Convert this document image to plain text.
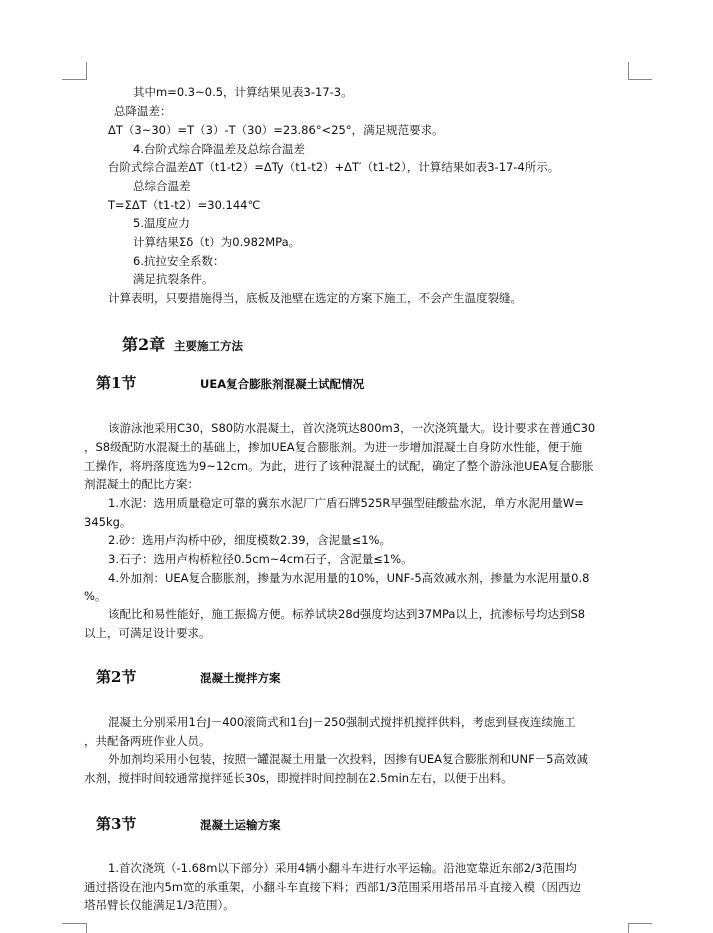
其中m=0.3~0.5，计算结果见表3-17-3。
总降温差：
ΔT（3~30）=T（3）-T（30）=23.86°<25°，满足规范要求。
4.台阶式综合降温差及总综合温差
台阶式综合温差ΔT（t1-t2）=ΔTy（t1-t2）+ΔT′（t1-t2），计算结果如表3-17-4所示。
总综合温差
T=ΣΔT（t1-t2）=30.144℃
5.温度应力
计算结果Σδ（t）为0.982MPa。
6.抗拉安全系数：
满足抗裂条件。
计算表明，只要措施得当，底板及池壁在选定的方案下施工，不会产生温度裂缝。
第2章 主要施工方法
第1节	UEA复合膨胀剂混凝土试配情况
该游泳池采用C30，S80防水混凝土，首次浇筑达800m3，一次浇筑量大。设计要求在普通C30
，S8级配防水混凝土的基础上，掺加UEA复合膨胀剂。为进一步增加混凝土自身防水性能，便于施
工操作，将坍落度选为9~12cm。为此，进行了该种混凝土的试配，确定了整个游泳池UEA复合膨胀
剂混凝土的配比方案：
1.水泥：选用质量稳定可靠的冀东水泥厂广盾石牌525R早强型硅酸盐水泥，单方水泥用量W=
345kg。
2.砂：选用卢沟桥中砂，细度模数2.39，含泥量≤1%。
3.石子：选用卢构桥粒径0.5cm~4cm石子，含泥量≤1%。
4.外加剂：UEA复合膨胀剂，掺量为水泥用量的10%，UNF-5高效减水剂，掺量为水泥用量0.8
%。
该配比和易性能好，施工振捣方便。标养试块28d强度均达到37MPa以上，抗渗标号均达到S8
以上，可满足设计要求。
第2节	混凝土搅拌方案
混凝土分别采用1台J－400滚筒式和1台J－250强制式搅拌机搅拌供料，考虑到昼夜连续施工
，共配备两班作业人员。
外加剂均采用小包装，按照一罐混凝土用量一次投料，因掺有UEA复合膨胀剂和UNF－5高效减
水剂，搅拌时间较通常搅拌延长30s，即搅拌时间控制在2.5min左右，以便于出料。
第3节	混凝土运输方案
1.首次浇筑（-1.68m以下部分）采用4辆小翻斗车进行水平运输。沿池宽靠近东部2/3范围均
通过搭设在池内5m宽的承重架，小翻斗车直接下料；西部1/3范围采用塔吊吊斗直接入模（因西边
塔吊臂长仅能满足1/3范围）。
